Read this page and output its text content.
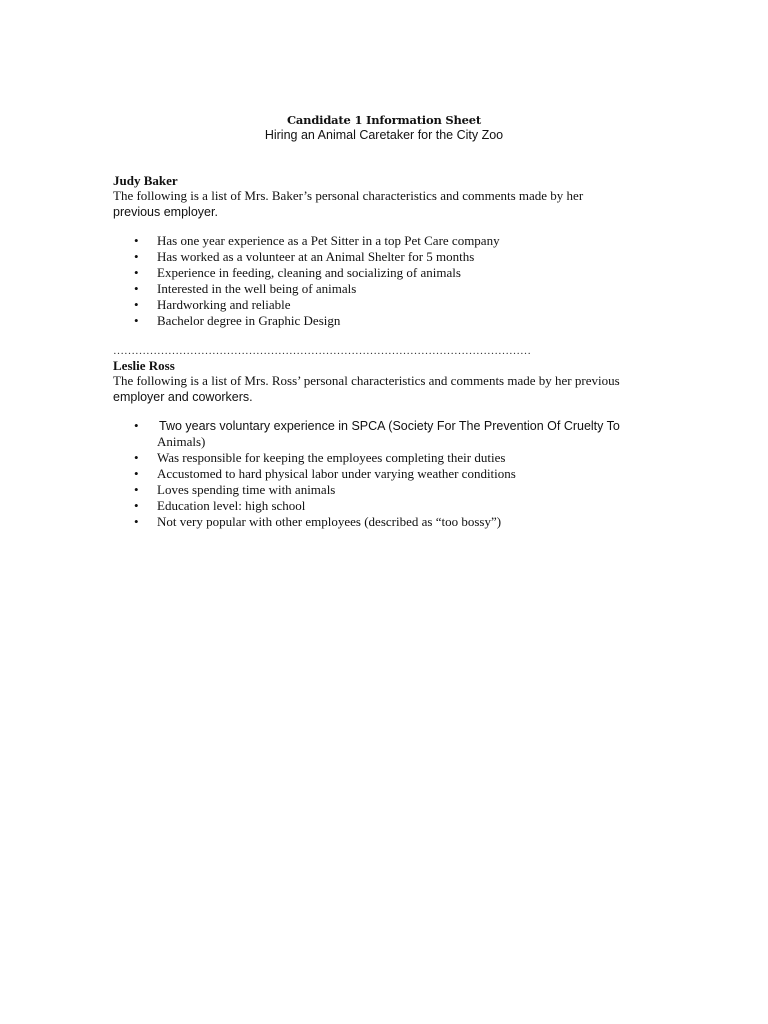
Candidate 1 Information Sheet
Hiring an Animal Caretaker for the City Zoo
Judy Baker
The following is a list of Mrs. Baker’s personal characteristics and comments made by her
previous employer.
• Has one year experience as a Pet Sitter in a top Pet Care company
• Has worked as a volunteer at an Animal Shelter for 5 months
• Experience in feeding, cleaning and socializing of animals
• Interested in the well being of animals
• Hardworking and reliable
• Bachelor degree in Graphic Design
……………………………………………………………………………………………………
Leslie Ross
The following is a list of Mrs. Ross’ personal characteristics and comments made by her previous
employer and coworkers.
• Two years voluntary experience in SPCA (Society For The Prevention Of Cruelty To
Animals)
• Was responsible for keeping the employees completing their duties
• Accustomed to hard physical labor under varying weather conditions
• Loves spending time with animals
• Education level: high school
• Not very popular with other employees (described as “too bossy”)
